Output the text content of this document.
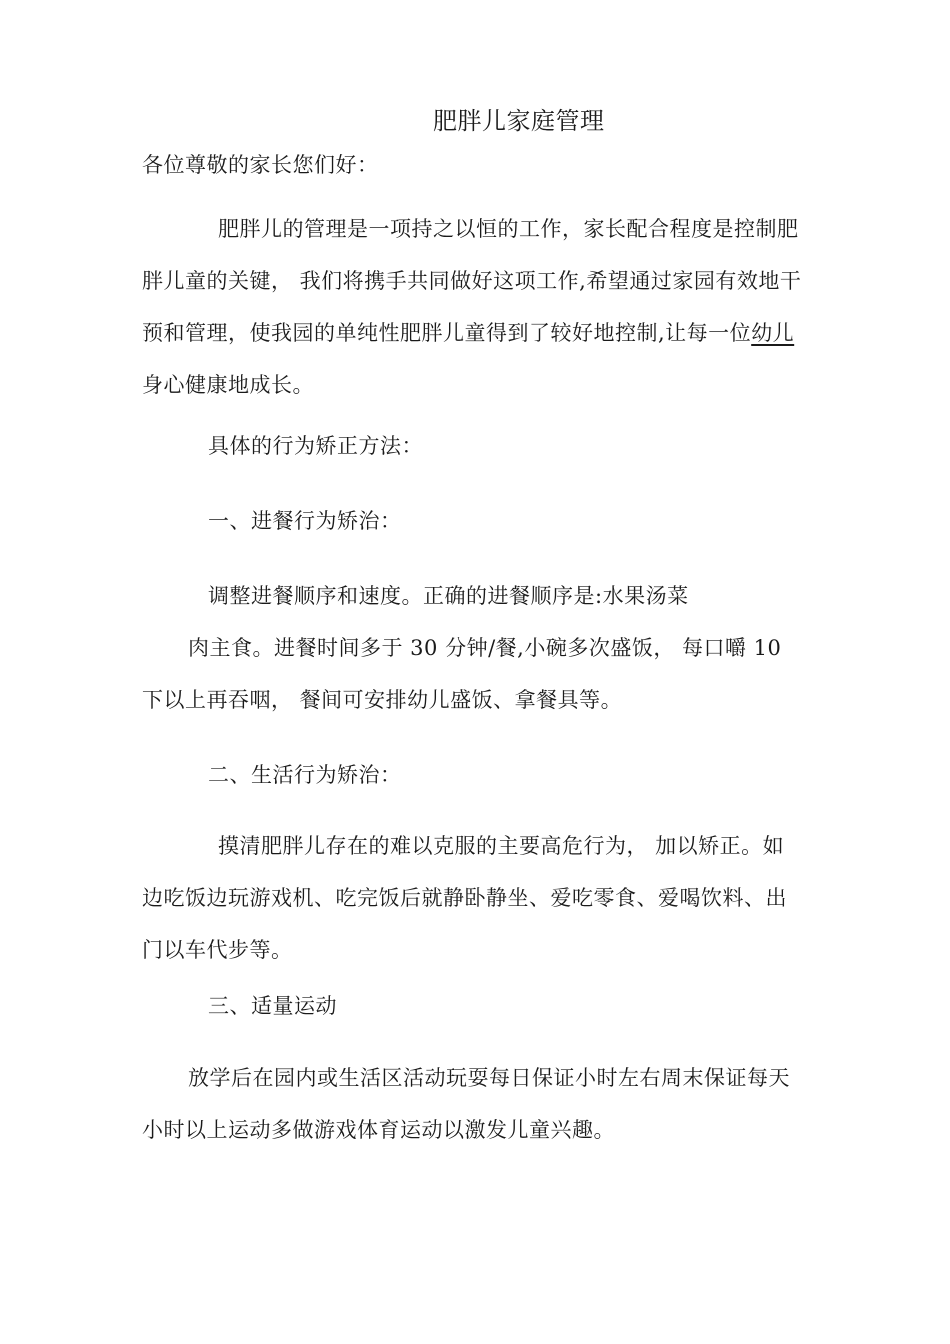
肥胖儿家庭管理
各位尊敬的家长您们好：
肥胖儿的管理是一项持之以恒的工作，家长配合程度是控制肥胖儿童的关键， 我们将携手共同做好这项工作,希望通过家园有效地干预和管理，使我园的单纯性肥胖儿童得到了较好地控制,让每一位幼儿身心健康地成长。
具体的行为矫正方法：
一、进餐行为矫治：
调整进餐顺序和速度。正确的进餐顺序是:水果汤菜
肉主食。进餐时间多于 30 分钟/餐,小碗多次盛饭， 每口嚼 10
下以上再吞咽， 餐间可安排幼儿盛饭、拿餐具等。
二、生活行为矫治：
摸清肥胖儿存在的难以克服的主要高危行为， 加以矫正。如边吃饭边玩游戏机、吃完饭后就静卧静坐、爱吃零食、爱喝饮料、出门以车代步等。
三、适量运动
放学后在园内或生活区活动玩耍每日保证小时左右周末保证每天小时以上运动多做游戏体育运动以激发儿童兴趣。
